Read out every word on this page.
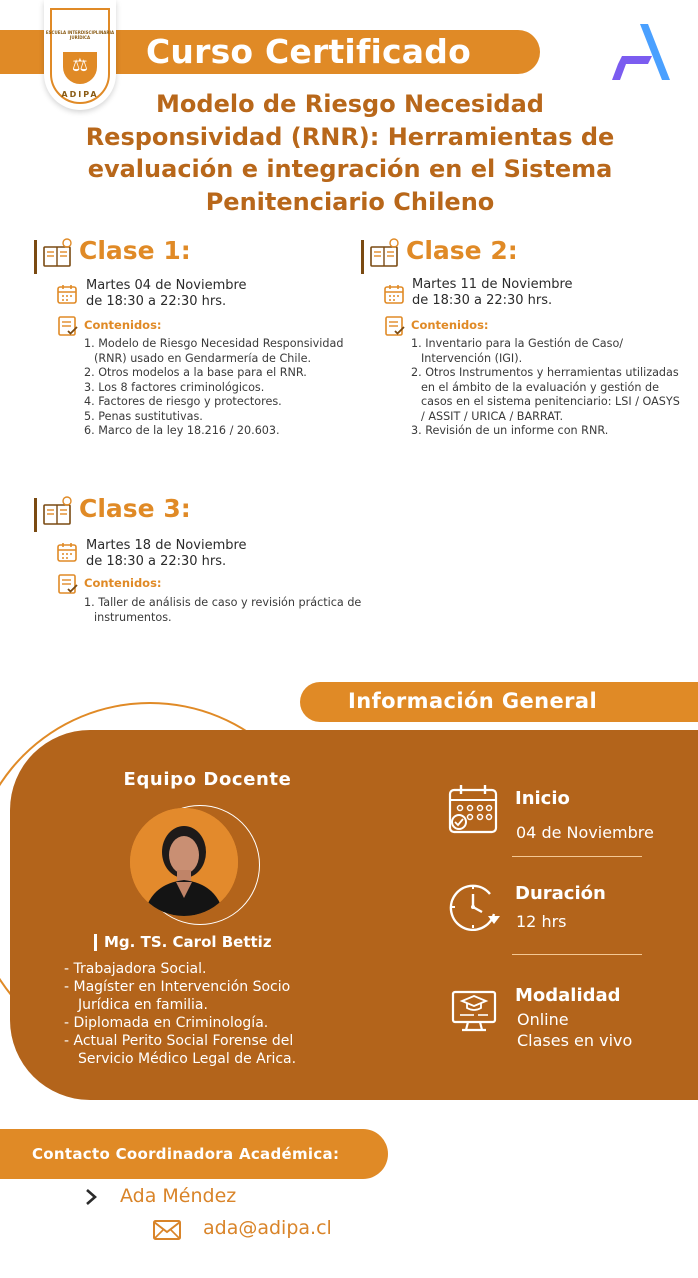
Curso Certificado
ESCUELA INTERDISCIPLINARIA JURÍDICA
⚖
ADIPA	Modelo de Riesgo Necesidad Responsividad (RNR): Herramientas de evaluación e integración en el Sistema Penitenciario Chileno
Clase 1:
Martes 04 de Noviembre
de 18:30 a 22:30 hrs.
Contenidos:
1. Modelo de Riesgo Necesidad Responsividad (RNR) usado en Gendarmería de Chile.
2. Otros modelos a la base para el RNR.
3. Los 8 factores criminológicos.
4. Factores de riesgo y protectores.
5. Penas sustitutivas.
6. Marco de la ley 18.216 / 20.603.
Clase 2:
Martes 11 de Noviembre
de 18:30 a 22:30 hrs.
Contenidos:
1. Inventario para la Gestión de Caso/ Intervención (IGI).
2. Otros Instrumentos y herramientas utilizadas en el ámbito de la evaluación y gestión de casos en el sistema penitenciario: LSI / OASYS / ASSIT / URICA / BARRAT.
3. Revisión de un informe con RNR.
Clase 3:
Martes 18 de Noviembre
de 18:30 a 22:30 hrs.
Contenidos:
1. Taller de análisis de caso y revisión práctica de instrumentos.
Información General
Equipo Docente
Mg. TS. Carol Bettiz
- Trabajadora Social.
- Magíster en Intervención Socio Jurídica en familia.
- Diplomada en Criminología.
- Actual Perito Social Forense del Servicio Médico Legal de Arica.
Inicio
04 de Noviembre
Duración
12 hrs
Modalidad
Online
Clases en vivo
Contacto Coordinadora Académica:
Ada Méndez
ada@adipa.cl
